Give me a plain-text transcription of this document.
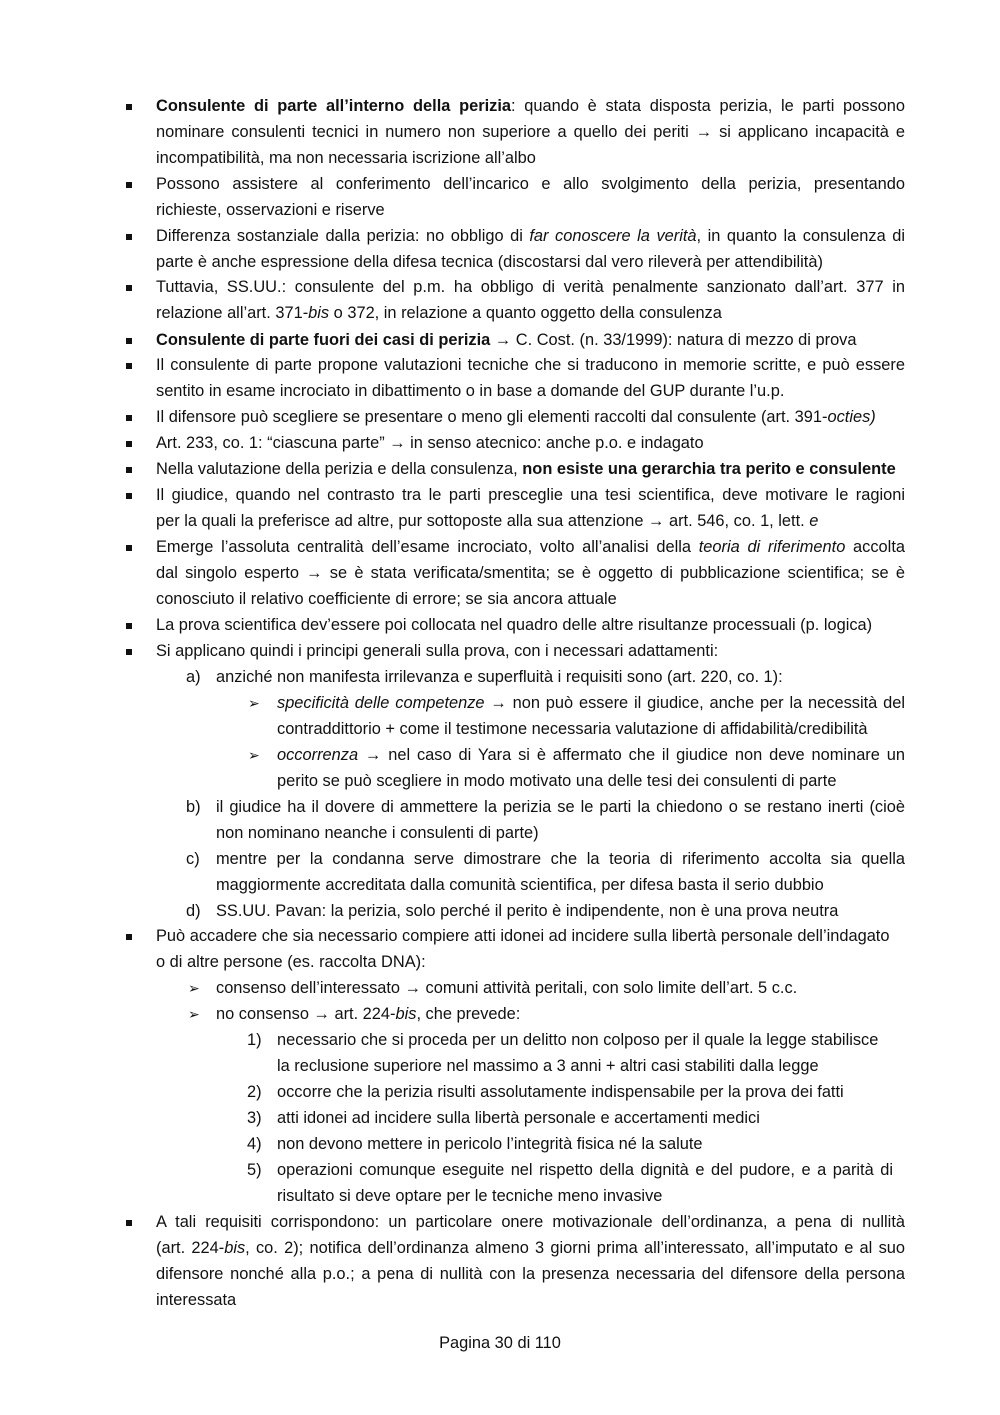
a)
b)
c)
d)
➢
➢
➢
➢
1)
2)
3)
4)
5)
Consulente di parte all’interno della perizia: quando è stata disposta perizia, le parti possono
nominare consulenti tecnici in numero non superiore a quello dei periti → si applicano incapacità e
incompatibilità, ma non necessaria iscrizione all’albo
Possono assistere al conferimento dell’incarico e allo svolgimento della perizia, presentando
richieste, osservazioni e riserve
Differenza sostanziale dalla perizia: no obbligo di far conoscere la verità, in quanto la consulenza di
parte è anche espressione della difesa tecnica (discostarsi dal vero rileverà per attendibilità)
Tuttavia, SS.UU.: consulente del p.m. ha obbligo di verità penalmente sanzionato dall’art. 377 in
relazione all’art. 371-bis o 372, in relazione a quanto oggetto della consulenza
Consulente di parte fuori dei casi di perizia → C. Cost. (n. 33/1999): natura di mezzo di prova
Il consulente di parte propone valutazioni tecniche che si traducono in memorie scritte, e può essere
sentito in esame incrociato in dibattimento o in base a domande del GUP durante l’u.p.
Il difensore può scegliere se presentare o meno gli elementi raccolti dal consulente (art. 391-octies)
Art. 233, co. 1: “ciascuna parte” → in senso atecnico: anche p.o. e indagato
Nella valutazione della perizia e della consulenza, non esiste una gerarchia tra perito e consulente
Il giudice, quando nel contrasto tra le parti presceglie una tesi scientifica, deve motivare le ragioni
per la quali la preferisce ad altre, pur sottoposte alla sua attenzione → art. 546, co. 1, lett. e
Emerge l’assoluta centralità dell’esame incrociato, volto all’analisi della teoria di riferimento accolta
dal singolo esperto → se è stata verificata/smentita; se è oggetto di pubblicazione scientifica; se è
conosciuto il relativo coefficiente di errore; se sia ancora attuale
La prova scientifica dev’essere poi collocata nel quadro delle altre risultanze processuali (p. logica)
Si applicano quindi i principi generali sulla prova, con i necessari adattamenti:
anziché non manifesta irrilevanza e superfluità i requisiti sono (art. 220, co. 1):
specificità delle competenze → non può essere il giudice, anche per la necessità del
contraddittorio + come il testimone necessaria valutazione di affidabilità/credibilità
occorrenza → nel caso di Yara si è affermato che il giudice non deve nominare un
perito se può scegliere in modo motivato una delle tesi dei consulenti di parte
il giudice ha il dovere di ammettere la perizia se le parti la chiedono o se restano inerti (cioè
non nominano neanche i consulenti di parte)
mentre per la condanna serve dimostrare che la teoria di riferimento accolta sia quella
maggiormente accreditata dalla comunità scientifica, per difesa basta il serio dubbio
SS.UU. Pavan: la perizia, solo perché il perito è indipendente, non è una prova neutra
Può accadere che sia necessario compiere atti idonei ad incidere sulla libertà personale dell’indagato
o di altre persone (es. raccolta DNA):
consenso dell’interessato → comuni attività peritali, con solo limite dell’art. 5 c.c.
no consenso → art. 224-bis, che prevede:
necessario che si proceda per un delitto non colposo per il quale la legge stabilisce
la reclusione superiore nel massimo a 3 anni + altri casi stabiliti dalla legge
occorre che la perizia risulti assolutamente indispensabile per la prova dei fatti
atti idonei ad incidere sulla libertà personale e accertamenti medici
non devono mettere in pericolo l’integrità fisica né la salute
operazioni comunque eseguite nel rispetto della dignità e del pudore, e a parità di
risultato si deve optare per le tecniche meno invasive
A tali requisiti corrispondono: un particolare onere motivazionale dell’ordinanza, a pena di nullità
(art. 224-bis, co. 2); notifica dell’ordinanza almeno 3 giorni prima all’interessato, all’imputato e al suo
difensore nonché alla p.o.; a pena di nullità con la presenza necessaria del difensore della persona
interessata
Pagina 30 di 110
